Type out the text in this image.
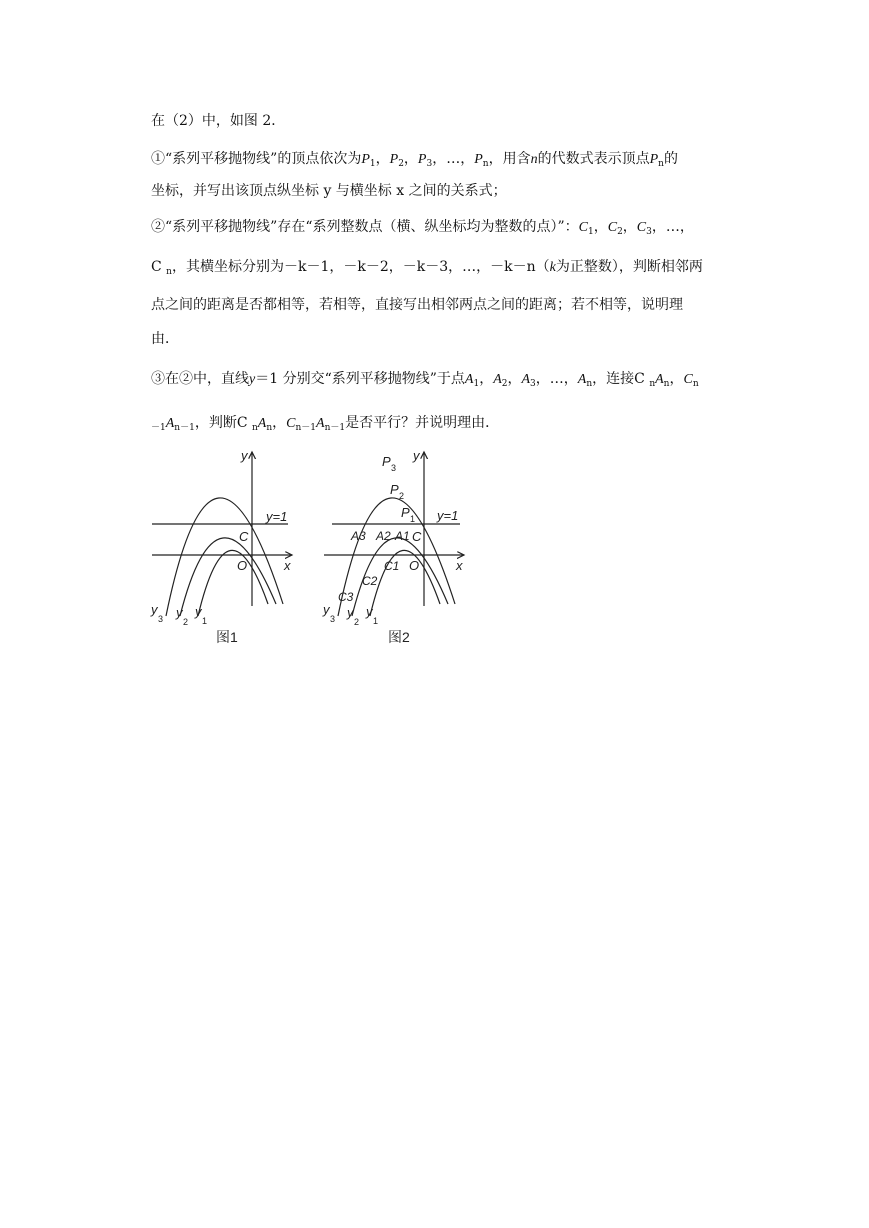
在（2）中，如图 2．
①“系列平移抛物线”的顶点依次为$P_1$，$P_2$，$P_3$，…，$P_n$，用含n的代数式表示顶点$P_n$的
坐标，并写出该顶点纵坐标 y 与横坐标 x 之间的关系式；
②“系列平移抛物线”存在“系列整数点（横、纵坐标均为整数的点）”：$C_1$，$C_2$，$C_3$，…，
C $_n$，其横坐标分别为－k－1，－k－2，－k－3，…，－k－n（k为正整数），判断相邻两
点之间的距离是否都相等，若相等，直接写出相邻两点之间的距离；若不相等，说明理
由．
③在②中，直线y＝1 分别交“系列平移抛物线”于点$A_1$，$A_2$，$A_3$，…，$A_n$，连接C $_nA_n$，$C_n$
$_{-1}A_{n-1}$，判断C $_nA_n$，$C_{n-1}A_{n-1}$是否平行？并说明理由．
y
x
O
C
y=1
y
3 y
2
y
1
图1
y
x
O
C
y=1
P 3
P 2
P 1
A3 A2 A1
C1
C2
C3
y
3 y
2
y
1
图2
